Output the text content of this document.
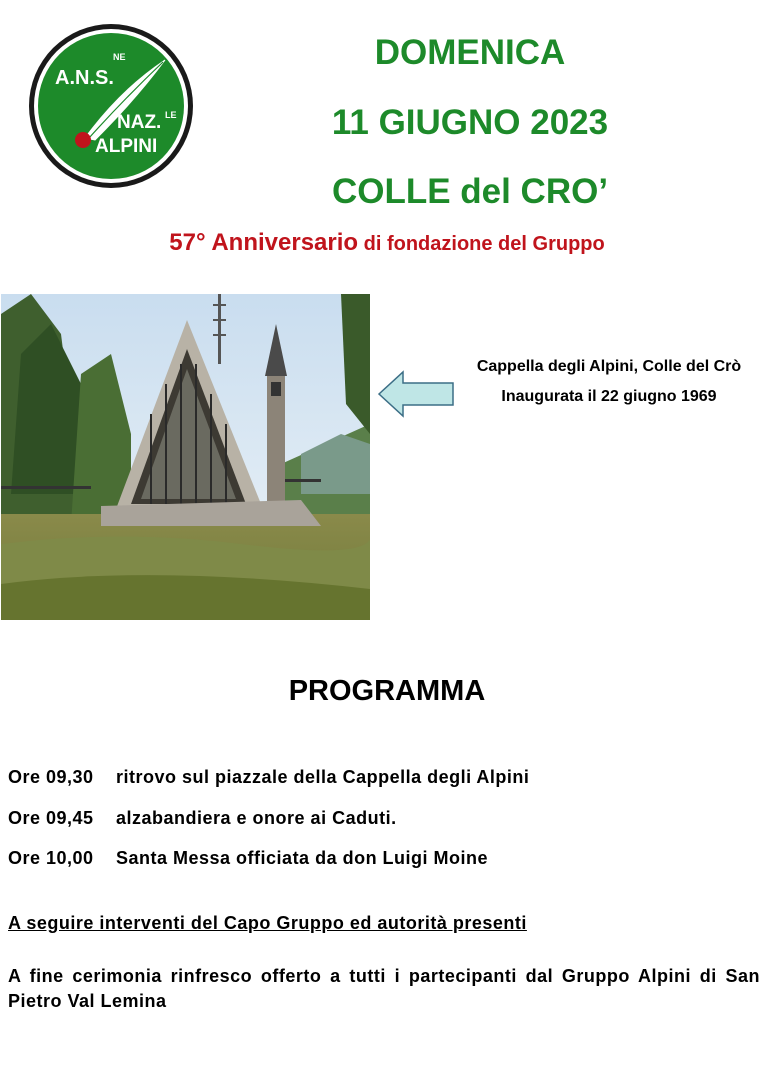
A.N.S.
NE
LE
NAZ.
ALPINI
DOMENICA
11 GIUGNO 2023
COLLE del CRO’
57° Anniversario di fondazione del Gruppo
Cappella degli Alpini, Colle del Crò
Inaugurata il 22 giugno 1969
PROGRAMMA
Ore 09,30 ritrovo sul piazzale della Cappella degli Alpini
Ore 09,45 alzabandiera e onore ai Caduti.
Ore 10,00 Santa Messa officiata da don Luigi Moine
A seguire interventi del Capo Gruppo ed autorità presenti
A fine cerimonia rinfresco offerto a tutti i partecipanti dal Gruppo Alpini di San Pietro Val Lemina
